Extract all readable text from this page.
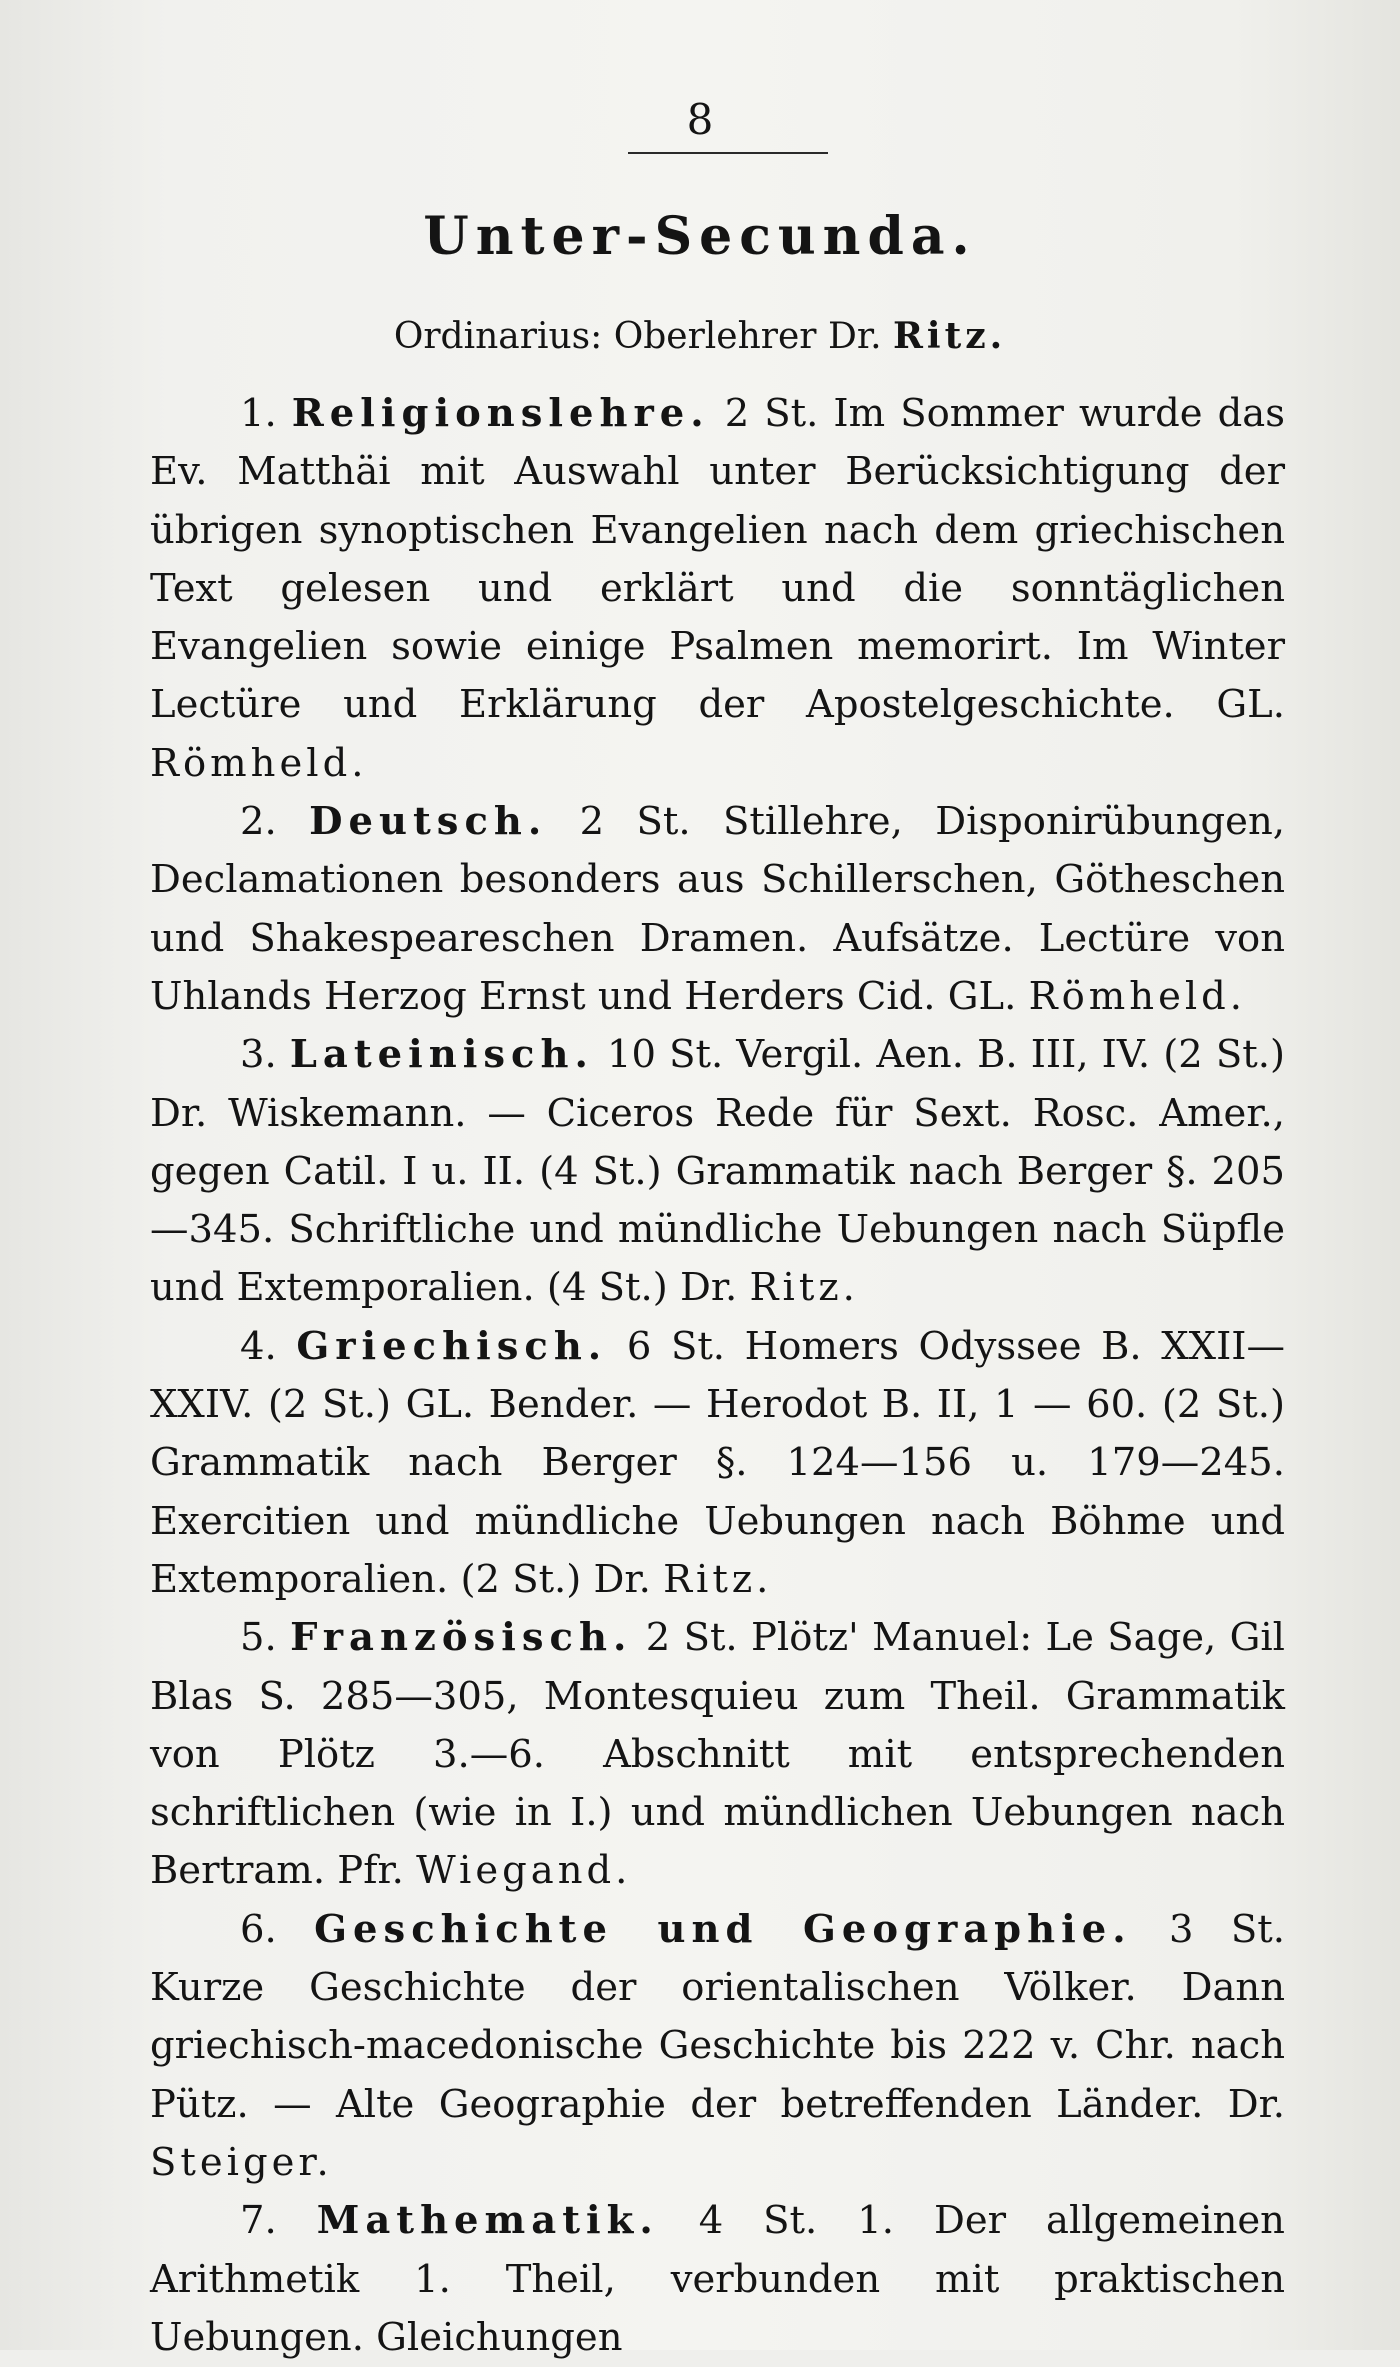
8
Unter-Secunda.
Ordinarius: Oberlehrer Dr. Ritz.

1. Religionslehre. 2 St. Im Sommer wurde das Ev. Matthäi mit Auswahl unter Berücksichtigung der übrigen synoptischen Evangelien nach dem griechischen Text gelesen und erklärt und die sonntäglichen Evangelien sowie einige Psalmen memorirt. Im Winter Lectüre und Erklärung der Apostelgeschichte. GL. Römheld.

2. Deutsch. 2 St. Stillehre, Disponirübungen, Declamationen besonders aus Schillerschen, Götheschen und Shakespeareschen Dramen. Aufsätze. Lectüre von Uhlands Herzog Ernst und Herders Cid. GL. Römheld.

3. Lateinisch. 10 St. Vergil. Aen. B. III, IV. (2 St.) Dr. Wiskemann. — Ciceros Rede für Sext. Rosc. Amer., gegen Catil. I u. II. (4 St.) Grammatik nach Berger §. 205—345. Schriftliche und mündliche Uebungen nach Süpfle und Extemporalien. (4 St.) Dr. Ritz.

4. Griechisch. 6 St. Homers Odyssee B. XXII—XXIV. (2 St.) GL. Bender. — Herodot B. II, 1 — 60. (2 St.) Grammatik nach Berger §. 124—156 u. 179—245. Exercitien und mündliche Uebungen nach Böhme und Extemporalien. (2 St.) Dr. Ritz.

5. Französisch. 2 St. Plötz' Manuel: Le Sage, Gil Blas S. 285—305, Montesquieu zum Theil. Grammatik von Plötz 3.—6. Abschnitt mit entsprechenden schriftlichen (wie in I.) und mündlichen Uebungen nach Bertram. Pfr. Wiegand.

6. Geschichte und Geographie. 3 St. Kurze Geschichte der orientalischen Völker. Dann griechisch-macedonische Geschichte bis 222 v. Chr. nach Pütz. — Alte Geographie der betreffenden Länder. Dr. Steiger.

7. Mathematik. 4 St. 1. Der allgemeinen Arithmetik 1. Theil, verbunden mit praktischen Uebungen. Gleichungen
